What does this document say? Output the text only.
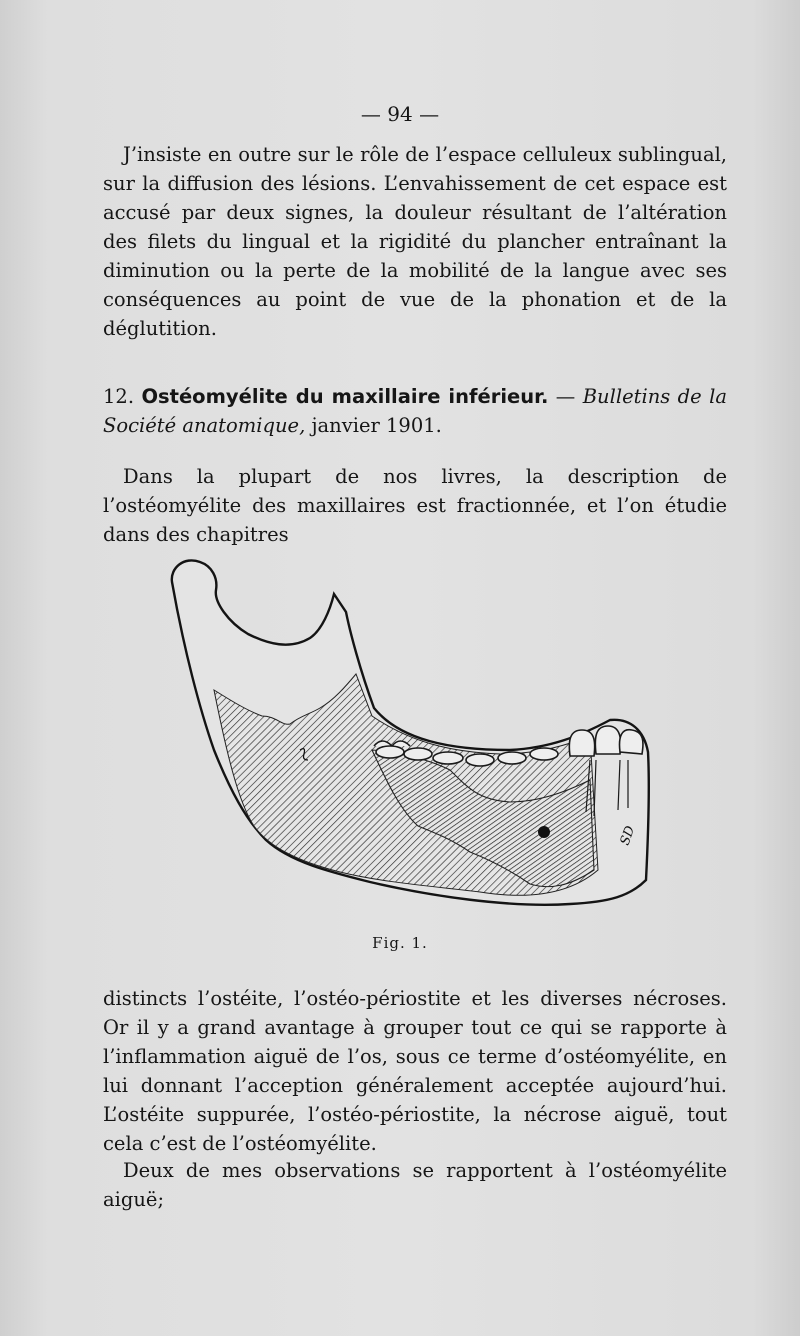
— 94 —

J’insiste en outre sur le rôle de l’espace celluleux sublingual, sur la diffusion des lésions. L’envahissement de cet espace est accusé par deux signes, la douleur résultant de l’altération des filets du lingual et la rigidité du plancher entraînant la diminution ou la perte de la mobilité de la langue avec ses conséquences au point de vue de la phonation et de la déglutition.

12. Ostéomyélite du maxillaire inférieur. — Bulletins de la Société anatomique, janvier 1901.

Dans la plupart de nos livres, la description de l’ostéomyélite des maxillaires est fractionnée, et l’on étudie dans des chapitres

SD
Fig. 1.

distincts l’ostéite, l’ostéo-périostite et les diverses nécroses. Or il y a grand avantage à grouper tout ce qui se rapporte à l’inflammation aiguë de l’os, sous ce terme d’ostéomyélite, en lui donnant l’acception généralement acceptée aujourd’hui. L’ostéite suppurée, l’ostéo-périostite, la nécrose aiguë, tout cela c’est de l’ostéomyélite.

Deux de mes observations se rapportent à l’ostéomyélite aiguë;
